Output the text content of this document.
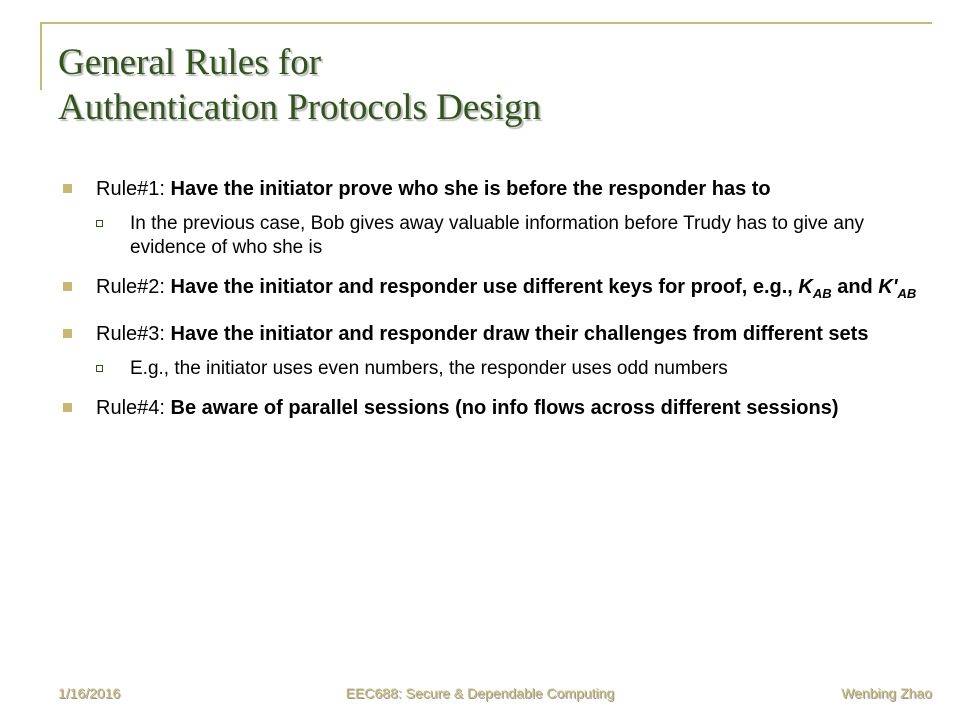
General Rules for
Authentication Protocols Design
Rule#1: Have the initiator prove who she is before the responder has to
In the previous case, Bob gives away valuable information before Trudy has to give any evidence of who she is
Rule#2: Have the initiator and responder use different keys for proof, e.g., $K_{AB}$ and $K'_{AB}$
Rule#3: Have the initiator and responder draw their challenges from different sets
E.g., the initiator uses even numbers, the responder uses odd numbers
Rule#4: Be aware of parallel sessions (no info flows across different sessions)
1/16/2016	EEC688: Secure & Dependable Computing	Wenbing Zhao
